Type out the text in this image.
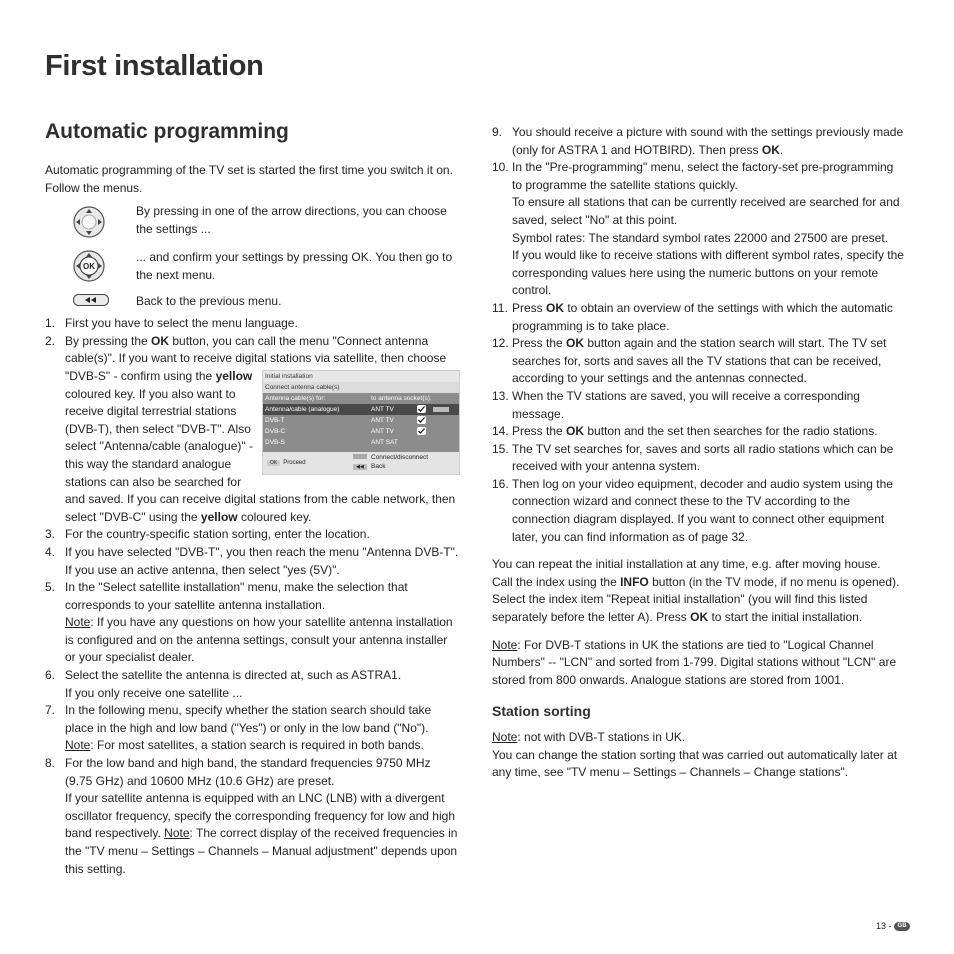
First installation
Automatic programming

Automatic programming of the TV set is started the first time you switch it on. Follow the menus.

By pressing in one of the arrow directions, you can choose the settings ...

OK

... and confirm your settings by pressing OK. You then go to the next menu.

Back to the previous menu.

1. First you have to select the menu language.
2. By pressing the OK button, you can call the menu "Connect antenna cable(s)". If you want to receive digital stations via satellite, then choose "DVB-S" - confirm using the yellow	Initial installation
Connect antenna cable(s)
Antenna cable(s) for:	to antenna socket(s):
Antenna/cable (analogue)	ANT TV
DVB-T	ANT TV
DVB-C	ANT TV
DVB-S	ANT SAT
OK Proceed
◀◀
Connect/disconnect
Back
coloured key. If you also want to receive digital terrestrial stations (DVB-T), then select "DVB-T". Also select "Antenna/cable (analogue)" - this way the standard analogue stations can also be searched for and saved. If you can receive digital stations from the cable network, then select "DVB-C" using the yellow coloured key.
3. For the country-specific station sorting, enter the location.
4. If you have selected "DVB-T", you then reach the menu "Antenna DVB-T". If you use an active antenna, then select "yes (5V)".
5. In the "Select satellite installation" menu, make the selection that corresponds to your satellite antenna installation.
Note: If you have any questions on how your satellite antenna installation is configured and on the antenna settings, consult your antenna installer or your specialist dealer.
6. Select the satellite the antenna is directed at, such as ASTRA1.
If you only receive one satellite ...
7. In the following menu, specify whether the station search should take place in the high and low band ("Yes") or only in the low band ("No").
Note: For most satellites, a station search is required in both bands.
8. For the low band and high band, the standard frequencies 9750 MHz (9.75 GHz) and 10600 MHz (10.6 GHz) are preset.
If your satellite antenna is equipped with an LNC (LNB) with a divergent oscillator frequency, specify the corresponding frequency for low and high band respectively. Note: The correct display of the received frequencies in the "TV menu – Settings – Channels – Manual adjustment" depends upon this setting.
9. You should receive a picture with sound with the settings previously made (only for ASTRA 1 and HOTBIRD). Then press OK.
10. In the "Pre-programming" menu, select the factory-set pre-programming to programme the satellite stations quickly.
To ensure all stations that can be currently received are searched for and saved, select "No" at this point.
Symbol rates: The standard symbol rates 22000 and 27500 are preset.
If you would like to receive stations with different symbol rates, specify the corresponding values here using the numeric buttons on your remote control.
11. Press OK to obtain an overview of the settings with which the automatic programming is to take place.
12. Press the OK button again and the station search will start. The TV set searches for, sorts and saves all the TV stations that can be received, according to your settings and the antennas connected.
13. When the TV stations are saved, you will receive a corresponding message.
14. Press the OK button and the set then searches for the radio stations.
15. The TV set searches for, saves and sorts all radio stations which can be received with your antenna system.
16. Then log on your video equipment, decoder and audio system using the connection wizard and connect these to the TV according to the connection diagram displayed. If you want to connect other equipment later, you can find information as of page 32.

You can repeat the initial installation at any time, e.g. after moving house. Call the index using the INFO button (in the TV mode, if no menu is opened). Select the index item "Repeat initial installation" (you will find this listed separately before the letter A). Press OK to start the initial installation.

Note: For DVB-T stations in UK the stations are tied to "Logical Channel Numbers" -- "LCN" and sorted from 1-799. Digital stations without "LCN" are stored from 800 onwards. Analogue stations are stored from 1001.

Station sorting

Note: not with DVB-T stations in UK.

You can change the station sorting that was carried out automatically later at any time, see "TV menu – Settings – Channels – Change stations".

13 - GB
